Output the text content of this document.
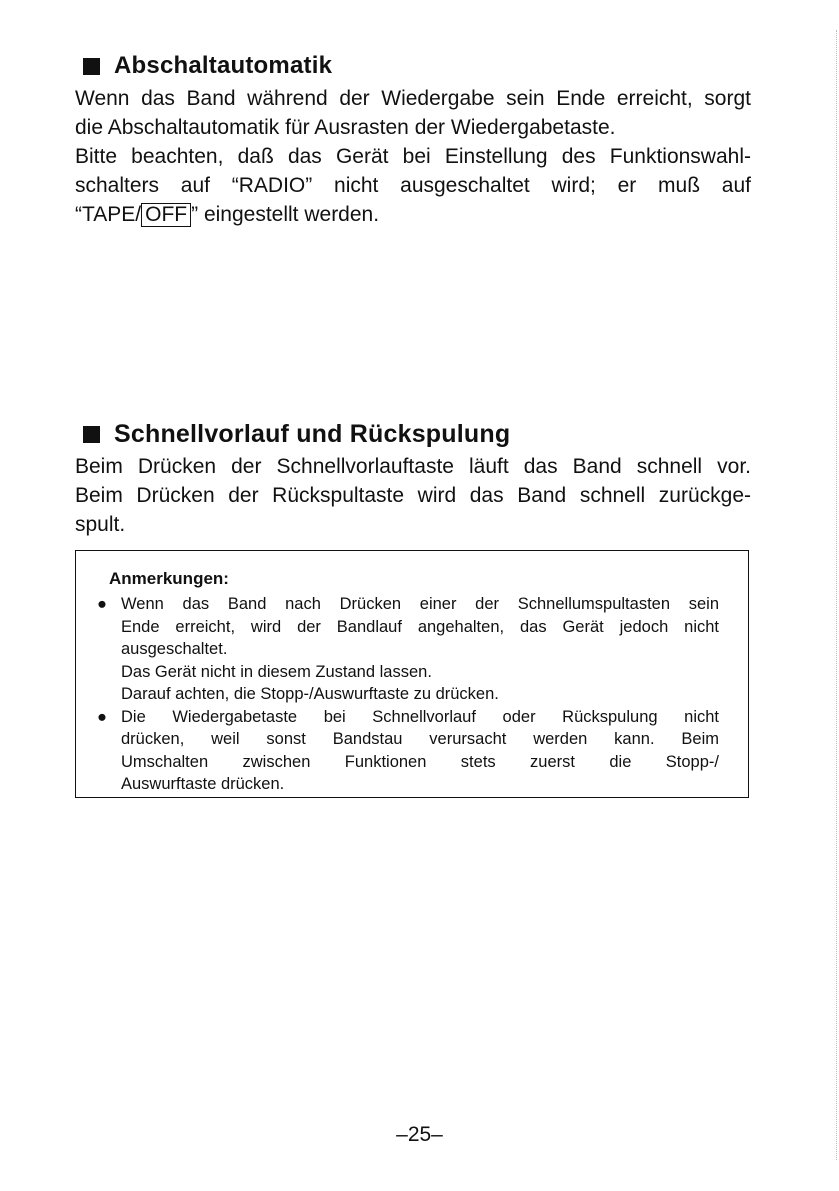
Abschaltautomatik

Wenn das Band während der Wiedergabe sein Ende erreicht, sorgt
die Abschaltautomatik für Ausrasten der Wiedergabetaste.
Bitte beachten, daß das Gerät bei Einstellung des Funktionswahl-
schalters auf “RADIO” nicht ausgeschaltet wird; er muß auf
“TAPE/ OFF ” eingestellt werden.

Schnellvorlauf und Rückspulung

Beim Drücken der Schnellvorlauftaste läuft das Band schnell vor.
Beim Drücken der Rückspultaste wird das Band schnell zurückge-
spult.

Anmerkungen:
● Wenn das Band nach Drücken einer der Schnellumspultasten sein
Ende erreicht, wird der Bandlauf angehalten, das Gerät jedoch nicht
ausgeschaltet.
Das Gerät nicht in diesem Zustand lassen.
Darauf achten, die Stopp-/Auswurftaste zu drücken.
● Die Wiedergabetaste bei Schnellvorlauf oder Rückspulung nicht
drücken, weil sonst Bandstau verursacht werden kann. Beim
Umschalten zwischen Funktionen stets zuerst die Stopp-/
Auswurftaste drücken.
–25–
